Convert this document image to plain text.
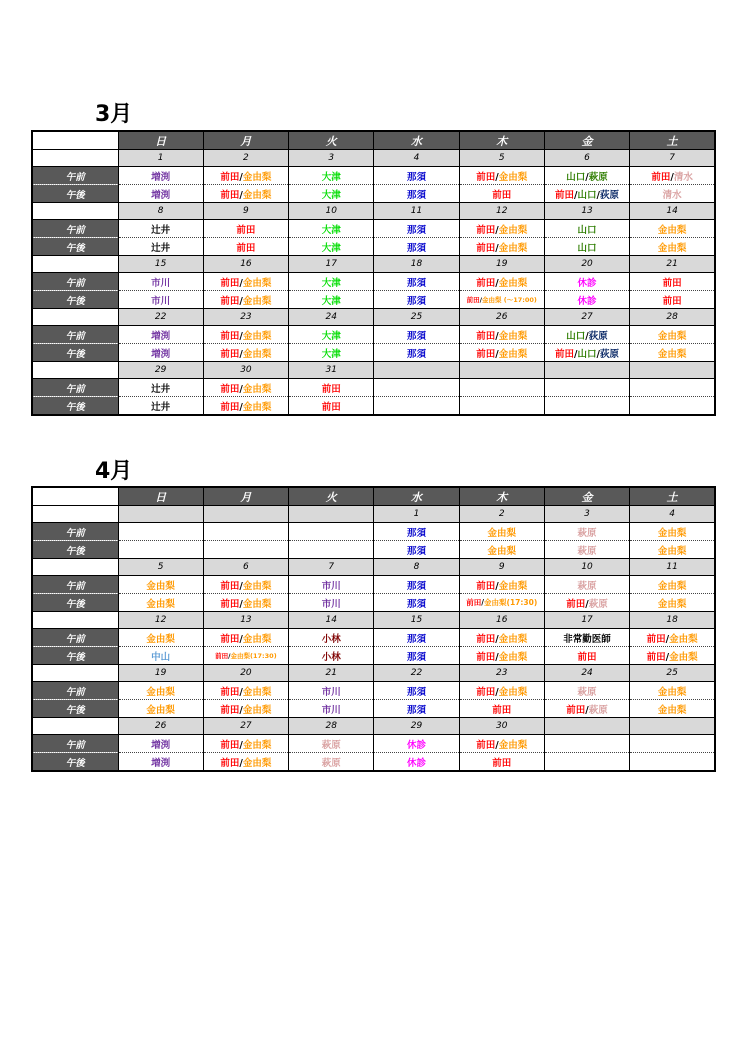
3月
	日	月	火	水	木	金	土
	1	2	3	4	5	6	7
午前	増渕	前田/金由梨	大津	那須	前田/金由梨	山口/萩原	前田/清水
午後	増渕	前田/金由梨	大津	那須	前田	前田/山口/荻原	清水
	8	9	10	11	12	13	14
午前	辻井	前田	大津	那須	前田/金由梨	山口	金由梨
午後	辻井	前田	大津	那須	前田/金由梨	山口	金由梨
	15	16	17	18	19	20	21
午前	市川	前田/金由梨	大津	那須	前田/金由梨	休診	前田
午後	市川	前田/金由梨	大津	那須	前田/金由梨 (〜17:00)	休診	前田
	22	23	24	25	26	27	28
午前	増渕	前田/金由梨	大津	那須	前田/金由梨	山口/荻原	金由梨
午後	増渕	前田/金由梨	大津	那須	前田/金由梨	前田/山口/荻原	金由梨
	29	30	31				
午前	辻井	前田/金由梨	前田				
午後	辻井	前田/金由梨	前田				
4月
	日	月	火	水	木	金	土
				1	2	3	4
午前				那須	金由梨	萩原	金由梨
午後				那須	金由梨	萩原	金由梨
	5	6	7	8	9	10	11
午前	金由梨	前田/金由梨	市川	那須	前田/金由梨	萩原	金由梨
午後	金由梨	前田/金由梨	市川	那須	前田/金由梨(17:30)	前田/萩原	金由梨
	12	13	14	15	16	17	18
午前	金由梨	前田/金由梨	小林	那須	前田/金由梨	非常勤医師	前田/金由梨
午後	中山	前田/金由梨(17:30)	小林	那須	前田/金由梨	前田	前田/金由梨
	19	20	21	22	23	24	25
午前	金由梨	前田/金由梨	市川	那須	前田/金由梨	萩原	金由梨
午後	金由梨	前田/金由梨	市川	那須	前田	前田/萩原	金由梨
	26	27	28	29	30		
午前	増渕	前田/金由梨	萩原	休診	前田/金由梨		
午後	増渕	前田/金由梨	萩原	休診	前田		
